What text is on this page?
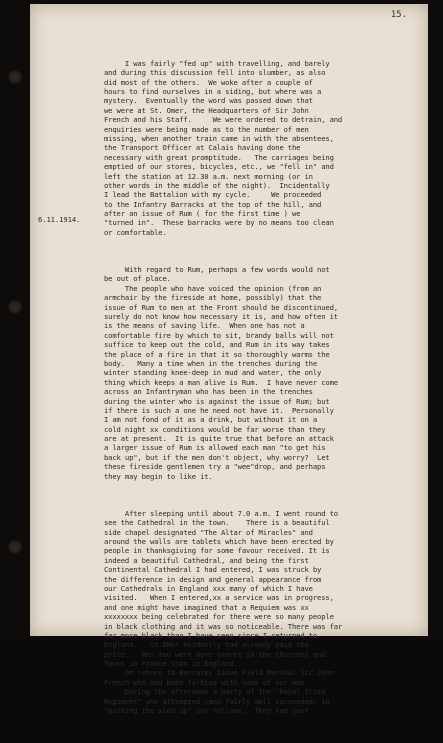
15.
6.11.1914.

I was fairly "fed up" with travelling, and barely
and during this discussion fell into slumber, as also
did most of the others.  We woke after a couple of
hours to find ourselves in a siding, but where was a
mystery.  Eventually the word was passed down that
we were at St. Omer, the Headquarters of Sir John
French and his Staff.     We were ordered to detrain, and
enquiries were being made as to the number of men
missing, when another train came in with the absentees,
the Transport Officer at Calais having done the
necessary with great promptitude.   The carriages being
emptied of our stores, bicycles, etc., we "fell in" and
left the station at 12.30 a.m. next morning (or in
other words in the middle of the night).  Incidentally
I lead the Battalion with my cycle.     We proceeded
to the Infantry Barracks at the top of the hill, and
after an issue of Rum ( for the first time ) we
"turned in".  These barracks were by no means too clean
or comfortable.

With regard to Rum, perhaps a few words would not
be out of place.
The people who have voiced the opinion (from an
armchair by the fireside at home, possibly) that the
issue of Rum to men at the Front should be discontinued,
surely do not know how necessary it is, and how often it
is the means of saving life.  When one has not a
comfortable fire by which to sit, brandy balls will not
suffice to keep out the cold, and Rum in its way takes
the place of a fire in that it so thoroughly warms the
body.   Many a time when in the trenches during the
winter standing knee-deep in mud and water, the only
thing which keeps a man alive is Rum.  I have never come
across an Infantryman who has been in the trenches
during the winter who is against the issue of Rum; but
if there is such a one he need not have it.  Personally
I am not fond of it as a drink, but without it on a
cold night xx conditions would be far worse than they
are at present.  It is quite true that before an attack
a larger issue of Rum is allowed each man "to get his
back up", but if the men don't object, why worry?  Let
these fireside gentlemen try a "wee"drop, and perhaps
they may begin to like it.

After sleeping until about 7.0 a.m. I went round to
see the Cathedral in the town.    There is a beautiful
side chapel designated "The Altar of Miracles" and
around the walls are tablets which have been erected by
people in thanksgiving for some favour received. It is
indeed a beautiful Cathedral, and being the first
Continental Cathedral I had entered, I was struck by
the difference in design and general appearance from
our Cathedrals in England xxx many of which I have
visited.   When I entered,xx a service was in progress,
and one might have imagined that a Requiem was xx
xxxxxxxx being celebrated for there were so many people
in black clothing and it was so noticeable. There was far
far more black than I have seen since I returned to
England.   St.Omer evidently had already paid the
price.   Men too were more scarce in the Churches and
Towns in France than in England.
On return to Barracks Issue Field Marshal Sir John
French who had been talking with some of our men
During the afternoon a party of the "Royal Irish
Regiment" who attempted (and fairly well succeeded) in
"putting the wind up" our fellows.  They had just
